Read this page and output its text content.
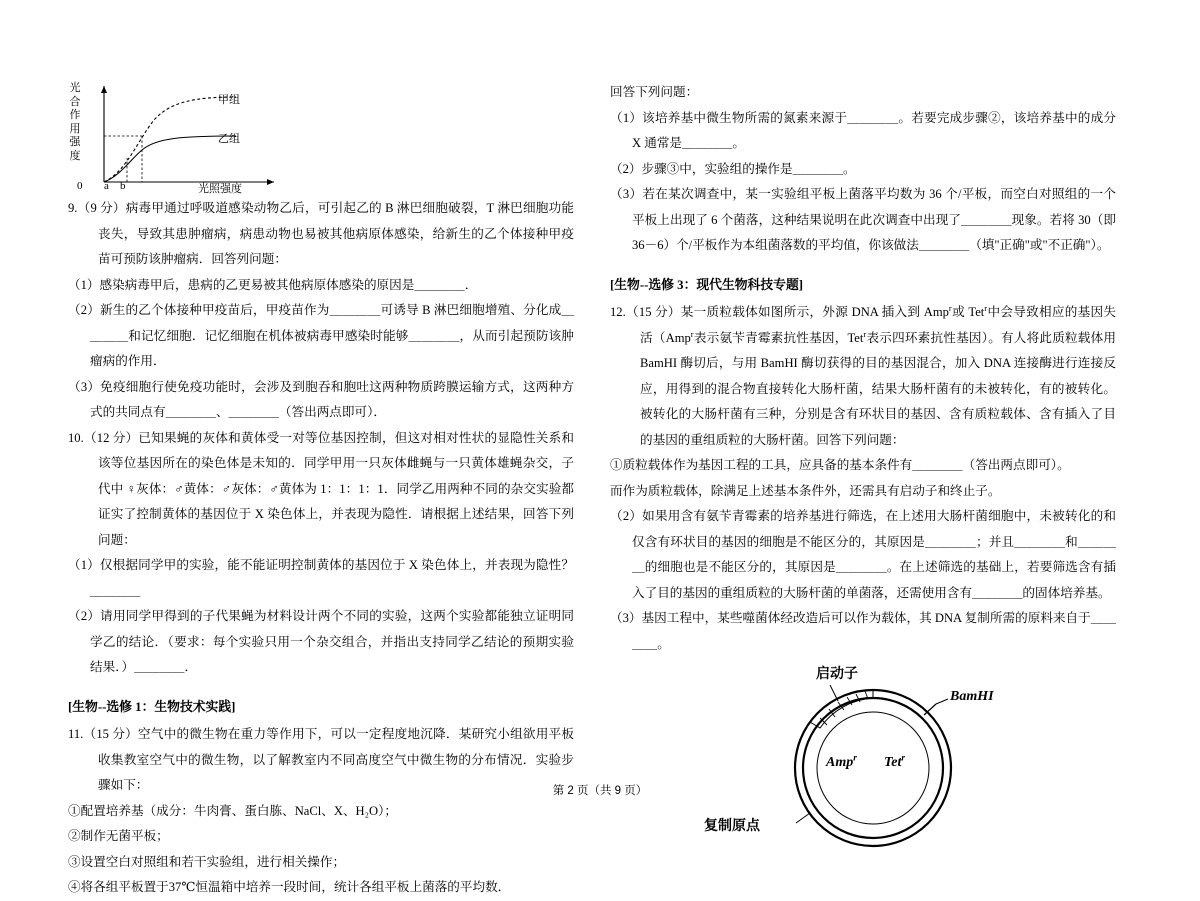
光合作用强度
甲组
乙组
0 a b	光照强度

9.（9 分）病毒甲通过呼吸道感染动物乙后，可引起乙的 B 淋巴细胞破裂，T 淋巴细胞功能丧失，导致其患肿瘤病，病患动物也易被其他病原体感染，给新生的乙个体接种甲疫苗可预防该肿瘤病．回答列问题：

（1）感染病毒甲后，患病的乙更易被其他病原体感染的原因是＿＿＿＿．

（2）新生的乙个体接种甲疫苗后，甲疫苗作为＿＿＿＿可诱导 B 淋巴细胞增殖、分化成＿＿＿＿和记忆细胞．记忆细胞在机体被病毒甲感染时能够＿＿＿＿，从而引起预防该肿瘤病的作用．

（3）免疫细胞行使免疫功能时，会涉及到胞吞和胞吐这两种物质跨膜运输方式，这两种方式的共同点有＿＿＿＿、＿＿＿＿（答出两点即可）．

10.（12 分）已知果蝇的灰体和黄体受一对等位基因控制，但这对相对性状的显隐性关系和该等位基因所在的染色体是未知的．同学甲用一只灰体雌蝇与一只黄体雄蝇杂交，子代中 ♀灰体：♂黄体：♂灰体：♂黄体为 1：1：1：1．同学乙用两种不同的杂交实验都证实了控制黄体的基因位于 X 染色体上，并表现为隐性．请根据上述结果，回答下列问题：

（1）仅根据同学甲的实验，能不能证明控制黄体的基因位于 X 染色体上，并表现为隐性？＿＿＿＿

（2）请用同学甲得到的子代果蝇为材料设计两个不同的实验，这两个实验都能独立证明同学乙的结论．（要求：每个实验只用一个杂交组合，并指出支持同学乙结论的预期实验结果．）＿＿＿＿．

[生物--选修 1：生物技术实践]

11.（15 分）空气中的微生物在重力等作用下，可以一定程度地沉降．某研究小组欲用平板收集教室空气中的微生物，以了解教室内不同高度空气中微生物的分布情况．实验步骤如下：

①配置培养基（成分：牛肉膏、蛋白胨、NaCl、X、H₂O）；

②制作无菌平板；

③设置空白对照组和若干实验组，进行相关操作；

④将各组平板置于37℃恒温箱中培养一段时间，统计各组平板上菌落的平均数．

回答下列问题：

（1）该培养基中微生物所需的氮素来源于＿＿＿＿。若要完成步骤②，该培养基中的成分 X 通常是＿＿＿＿。

（2）步骤③中，实验组的操作是＿＿＿＿。

（3）若在某次调查中，某一实验组平板上菌落平均数为 36 个/平板，而空白对照组的一个平板上出现了 6 个菌落，这种结果说明在此次调查中出现了＿＿＿＿现象。若将 30（即 36－6）个/平板作为本组菌落数的平均值，你该做法＿＿＿＿（填"正确"或"不正确"）。

[生物--选修 3：现代生物科技专题]

12.（15 分）某一质粒载体如图所示，外源 DNA 插入到 Amp$^r$或 Tet$^r$中会导致相应的基因失活（Amp$^r$表示氨苄青霉素抗性基因，Tet$^r$表示四环素抗性基因）。有人将此质粒载体用 BamHI 酶切后，与用 BamHI 酶切获得的目的基因混合，加入 DNA 连接酶进行连接反应，用得到的混合物直接转化大肠杆菌，结果大肠杆菌有的未被转化，有的被转化。被转化的大肠杆菌有三种，分别是含有环状目的基因、含有质粒载体、含有插入了目的基因的重组质粒的大肠杆菌。回答下列问题：

①质粒载体作为基因工程的工具，应具备的基本条件有＿＿＿＿（答出两点即可）。

而作为质粒载体，除满足上述基本条件外，还需具有启动子和终止子。

（2）如果用含有氨苄青霉素的培养基进行筛选，在上述用大肠杆菌细胞中，未被转化的和仅含有环状目的基因的细胞是不能区分的，其原因是＿＿＿＿；并且＿＿＿＿和＿＿＿＿的细胞也是不能区分的，其原因是＿＿＿＿。在上述筛选的基础上，若要筛选含有插入了目的基因的重组质粒的大肠杆菌的单菌落，还需使用含有＿＿＿＿的固体培养基。

（3）基因工程中，某些噬菌体经改造后可以作为载体，其 DNA 复制所需的原料来自于＿＿＿＿。

启动子
BamHI
Amp$^r$ Tet$^r$
复制原点
第 2 页（共 9 页）
